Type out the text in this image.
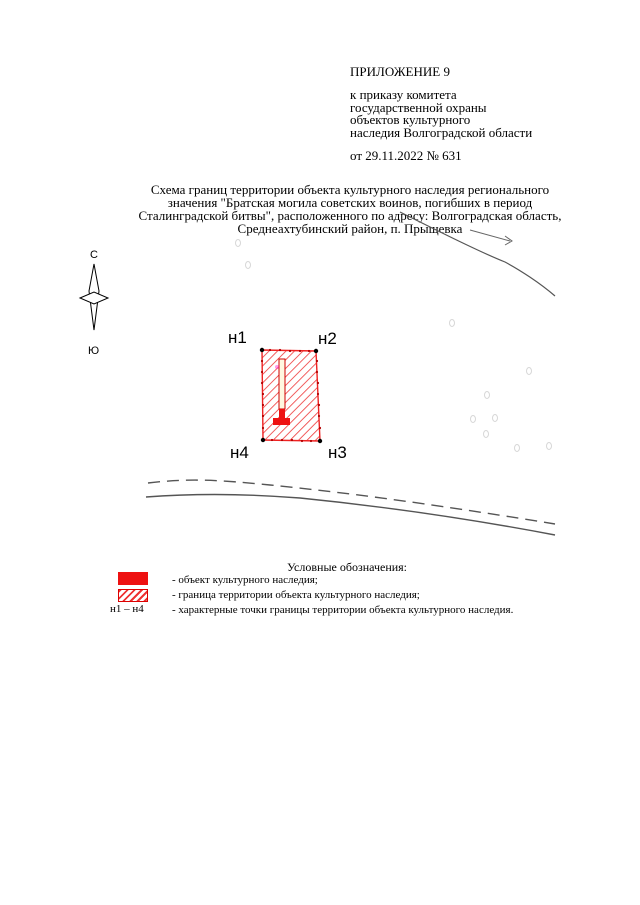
ПРИЛОЖЕНИЕ 9
к приказу комитета
государственной охраны
объектов культурного
наследия Волгоградской области
от 29.11.2022 № 631
Схема границ территории объекта культурного наследия регионального
значения "Братская могила советских воинов, погибших в период
Сталинградской битвы", расположенного по адресу: Волгоградская область,
Среднеахтубинский район, п. Прыщевка
С
Ю
н1	н2
н3
н4
Условные обозначения:
н1 – н4
- объект культурного наследия;
- граница территории объекта культурного наследия;
- характерные точки границы территории объекта культурного наследия.
